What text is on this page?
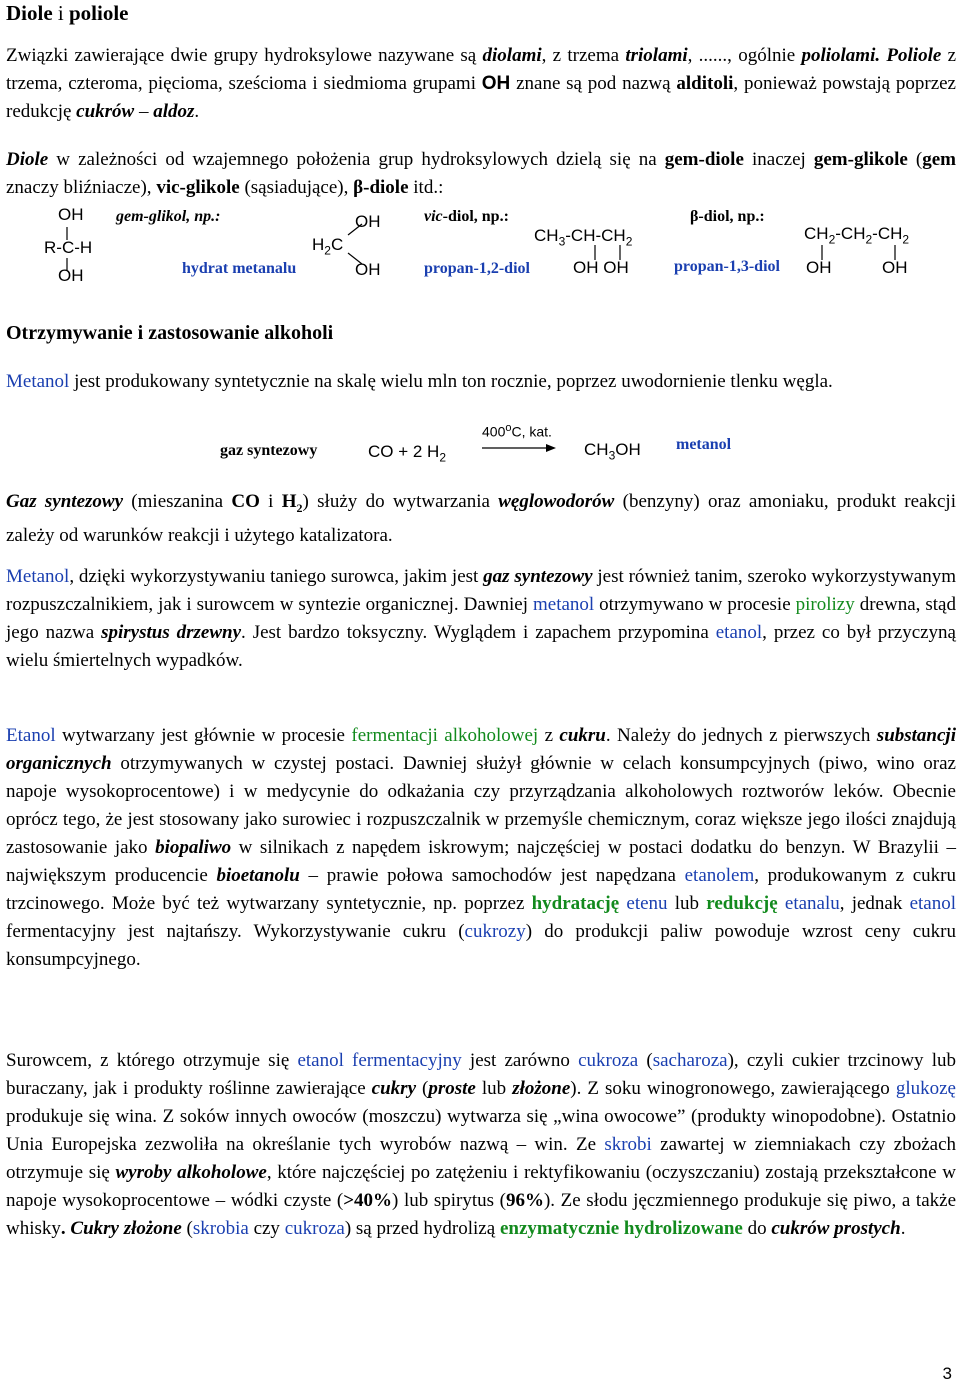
Diole i poliole

Związki zawierające dwie grupy hydroksylowe nazywane są diolami, z trzema triolami, ......, ogólnie poliolami. Poliole z trzema, czteroma, pięcioma, sześcioma i siedmioma grupami OH znane są pod nazwą alditoli, ponieważ powstają poprzez redukcję cukrów – aldoz.

Diole w zależności od wzajemnego położenia grup hydroksylowych dzielą się na gem-diole inaczej gem-glikole (gem znaczy bliźniacze), vic-glikole (sąsiadujące), β-diole itd.:

OH
R-C-H
OH
gem-glikol, np.:
hydrat metanalu
OH
$H_2C$
OH
vic-diol, np.:
$CH_3-CH-CH_2$
propan-1,2-diol	OH OH
β-diol, np.:
$CH_2-CH_2-CH_2$
propan-1,3-diol OH	OH
Otrzymywanie i zastosowanie alkoholi

Metanol jest produkowany syntetycznie na skalę wielu mln ton rocznie, poprzez uwodornienie tlenku węgla.

gaz syntezowy	CO + 2 $H_2$
400$^o$C, kat.
$CH_3OH$ metanol

Gaz syntezowy (mieszanina CO i $H_2$) służy do wytwarzania węglowodorów (benzyny) oraz amoniaku, produkt reakcji zależy od warunków reakcji i użytego katalizatora.

Metanol, dzięki wykorzystywaniu taniego surowca, jakim jest gaz syntezowy jest również tanim, szeroko wykorzystywanym rozpuszczalnikiem, jak i surowcem w syntezie organicznej. Dawniej metanol otrzymywano w procesie pirolizy drewna, stąd jego nazwa spirystus drzewny. Jest bardzo toksyczny. Wyglądem i zapachem przypomina etanol, przez co był przyczyną wielu śmiertelnych wypadków.

Etanol wytwarzany jest głównie w procesie fermentacji alkoholowej z cukru. Należy do jednych z pierwszych substancji organicznych otrzymywanych w czystej postaci. Dawniej służył głównie w celach konsumpcyjnych (piwo, wino oraz napoje wysokoprocentowe) i w medycynie do odkażania czy przyrządzania alkoholowych roztworów leków. Obecnie oprócz tego, że jest stosowany jako surowiec i rozpuszczalnik w przemyśle chemicznym, coraz większe jego ilości znajdują zastosowanie jako biopaliwo w silnikach z napędem iskrowym; najczęściej w postaci dodatku do benzyn. W Brazylii – największym producencie bioetanolu – prawie połowa samochodów jest napędzana etanolem, produkowanym z cukru trzcinowego. Może być też wytwarzany syntetycznie, np. poprzez hydratację etenu lub redukcję etanalu, jednak etanol fermentacyjny jest najtańszy. Wykorzystywanie cukru (cukrozy) do produkcji paliw powoduje wzrost ceny cukru konsumpcyjnego.

Surowcem, z którego otrzymuje się etanol fermentacyjny jest zarówno cukroza (sacharoza), czyli cukier trzcinowy lub buraczany, jak i produkty roślinne zawierające cukry (proste lub złożone). Z soku winogronowego, zawierającego glukozę produkuje się wina. Z soków innych owoców (moszczu) wytwarza się „wina owocowe” (produkty winopodobne). Ostatnio Unia Europejska zezwoliła na określanie tych wyrobów nazwą – win. Ze skrobi zawartej w ziemniakach czy zbożach otrzymuje się wyroby alkoholowe, które najczęściej po zatężeniu i rektyfikowaniu (oczyszczaniu) zostają przekształcone w napoje wysokoprocentowe – wódki czyste (>40%) lub spirytus (96%). Ze słodu jęczmiennego produkuje się piwo, a także whisky. Cukry złożone (skrobia czy cukroza) są przed hydrolizą enzymatycznie hydrolizowane do cukrów prostych.

3
